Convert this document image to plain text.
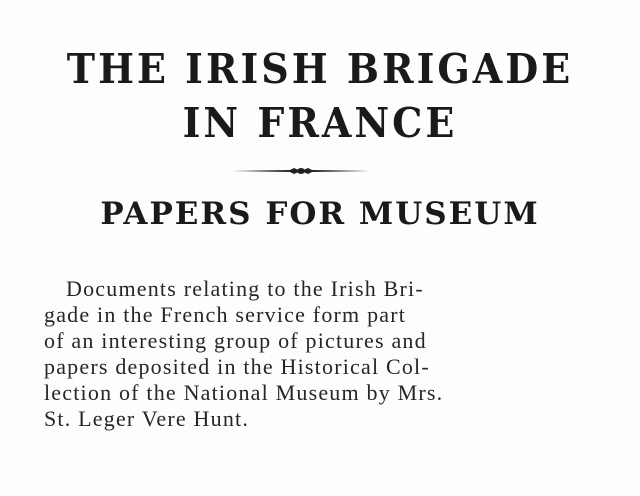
THE IRISH BRIGADE
IN FRANCE
PAPERS FOR MUSEUM
Documents relating to the Irish Bri-
gade in the French service form part
of an interesting group of pictures and
papers deposited in the Historical Col-
lection of the National Museum by Mrs.
St. Leger Vere Hunt.
